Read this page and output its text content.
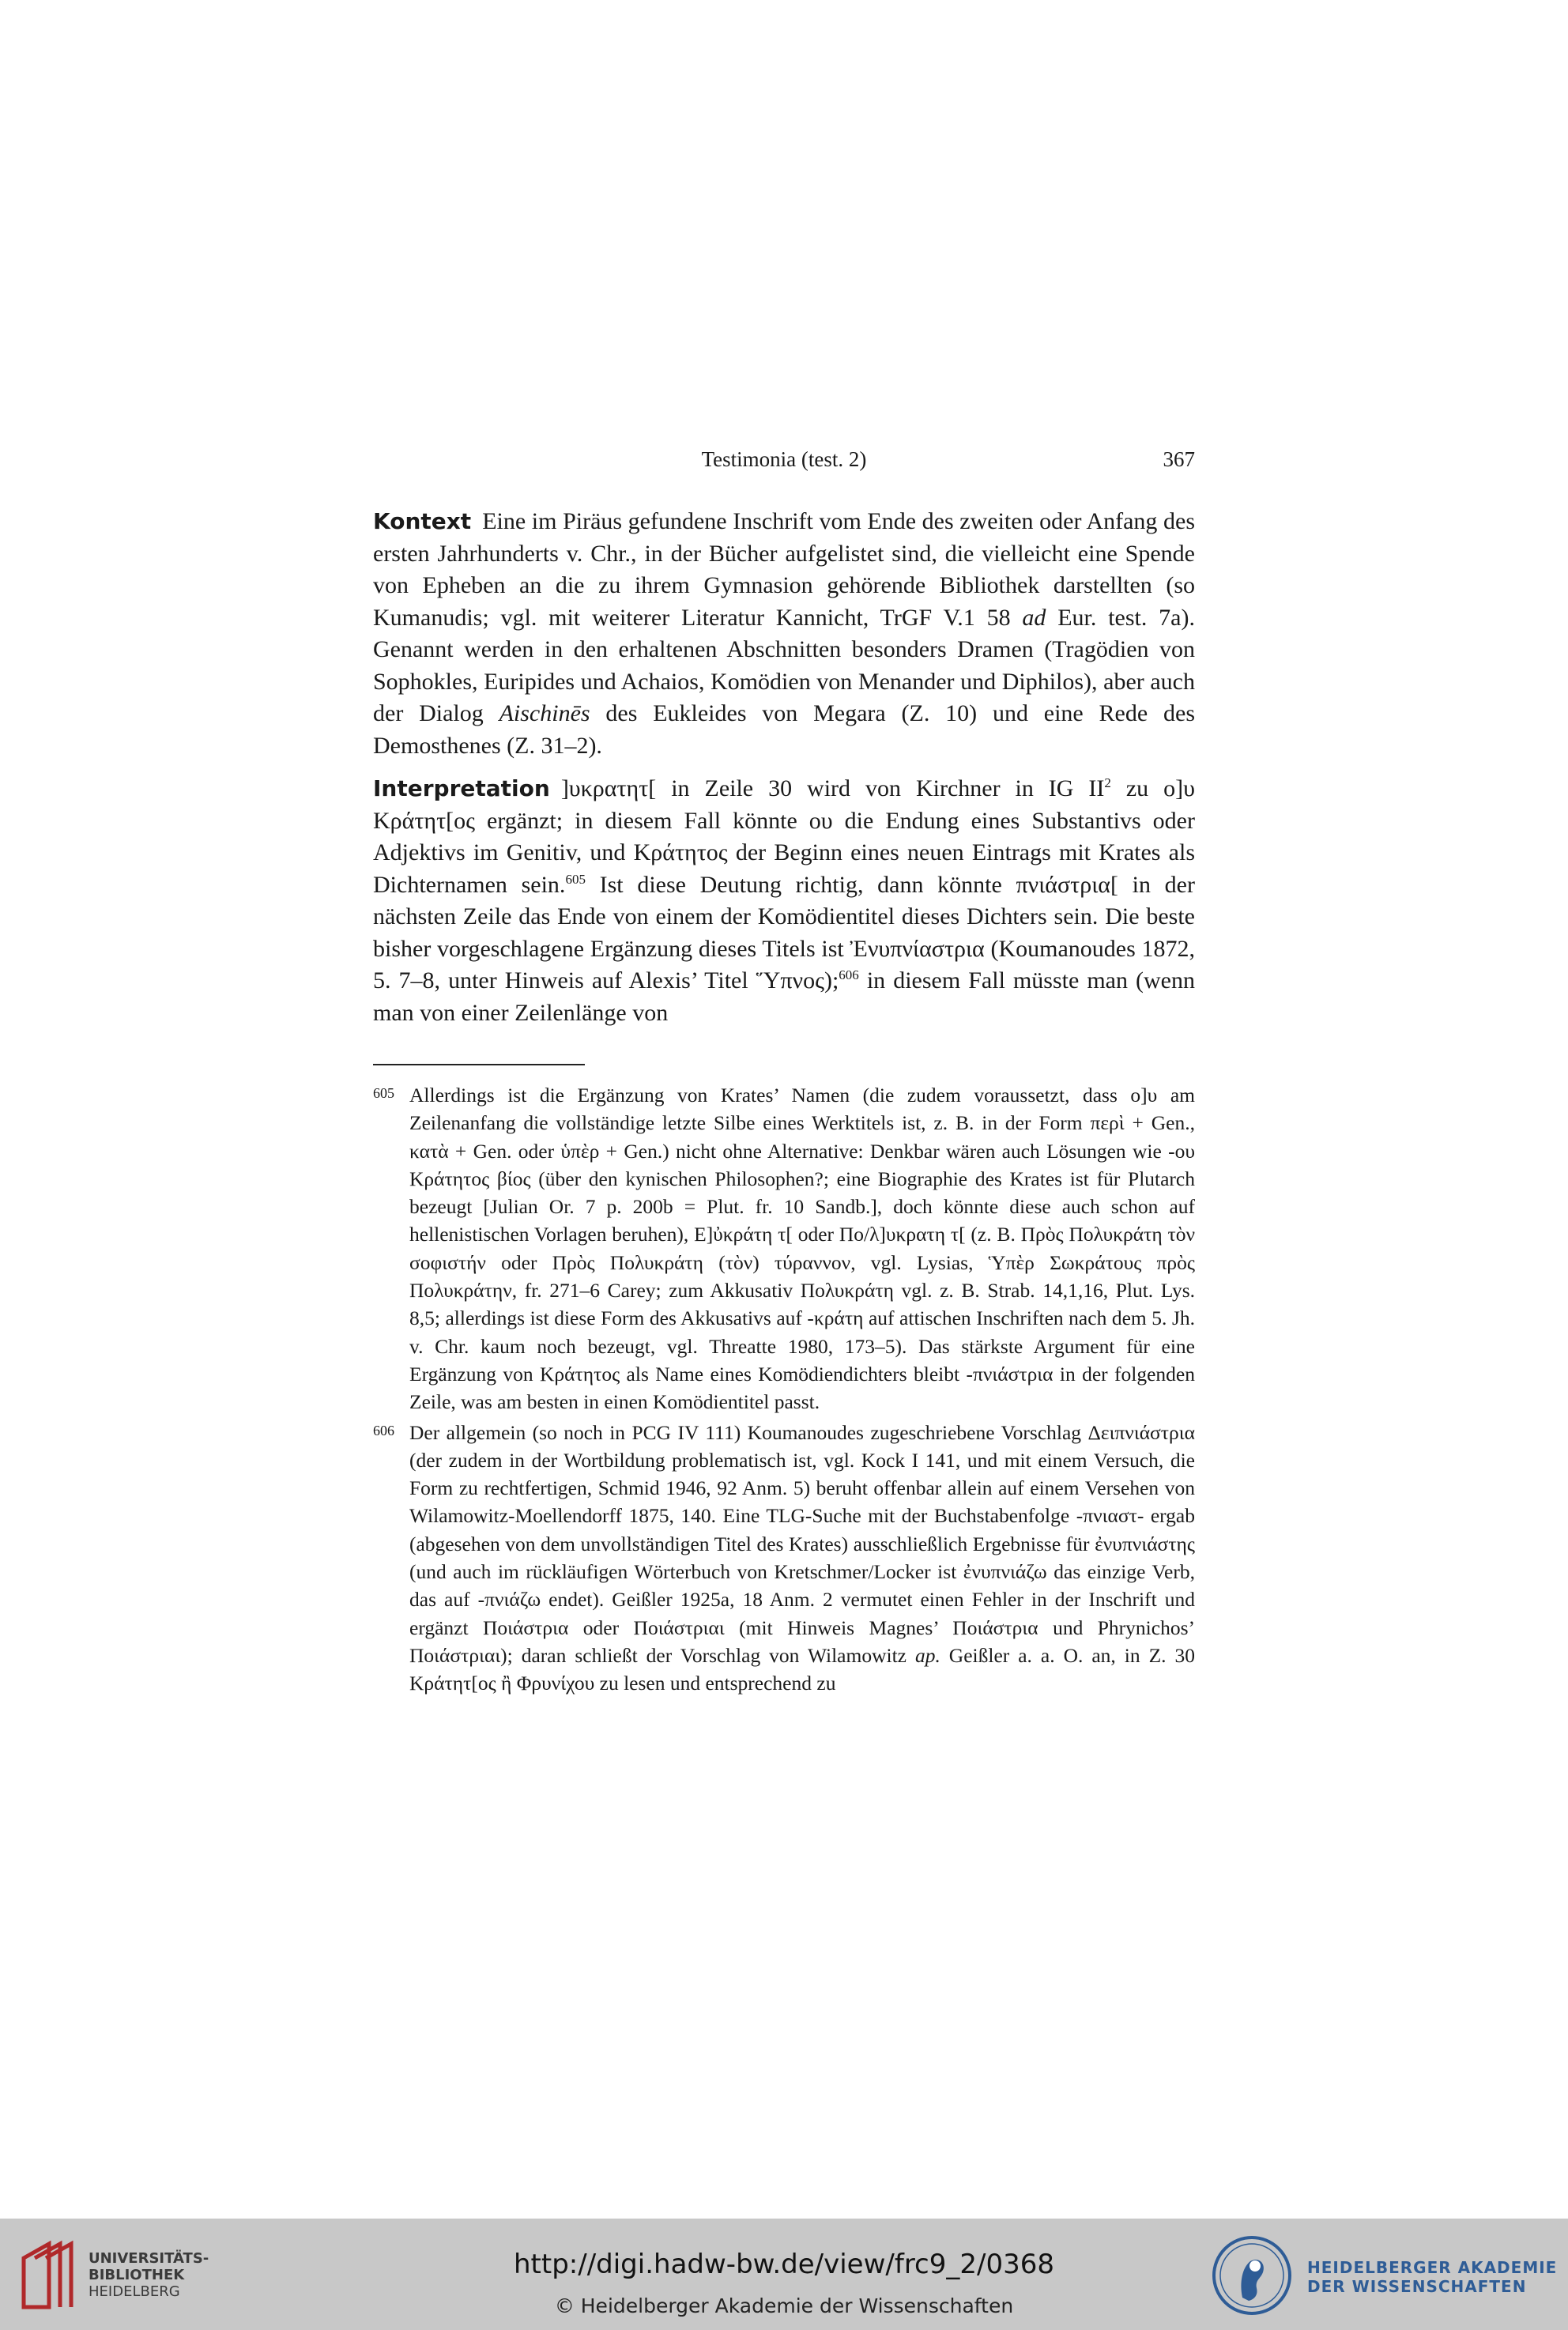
Testimonia (test. 2)	367

Kontext Eine im Piräus gefundene Inschrift vom Ende des zweiten oder Anfang des ersten Jahrhunderts v. Chr., in der Bücher aufgelistet sind, die vielleicht eine Spende von Epheben an die zu ihrem Gymnasion gehörende Bibliothek darstellten (so Kumanudis; vgl. mit weiterer Literatur Kannicht, TrGF V.1 58 ad Eur. test. 7a). Genannt werden in den erhaltenen Abschnitten besonders Dramen (Tragödien von Sophokles, Euripides und Achaios, Komödien von Menander und Diphilos), aber auch der Dialog Aischinēs des Eukleides von Megara (Z. 10) und eine Rede des Demosthenes (Z. 31–2).

Interpretation ]υκρατητ[ in Zeile 30 wird von Kirchner in IG $II^2$ zu ο]υ Κράτητ[ος ergänzt; in diesem Fall könnte ου die Endung eines Substantivs oder Adjektivs im Genitiv, und Κράτητος der Beginn eines neuen Eintrags mit Krates als Dichternamen sein.$^{605}$ Ist diese Deutung richtig, dann könnte πνιάστρια[ in der nächsten Zeile das Ende von einem der Komödientitel dieses Dichters sein. Die beste bisher vorgeschlagene Ergänzung dieses Titels ist Ἐνυπνίαστρια (Koumanoudes 1872, 5. 7–8, unter Hinweis auf Alexis’ Titel Ὕπνος);$^{606}$ in diesem Fall müsste man (wenn man von einer Zeilenlänge von

605 Allerdings ist die Ergänzung von Krates’ Namen (die zudem voraussetzt, dass ο]υ am Zeilenanfang die vollständige letzte Silbe eines Werktitels ist, z. B. in der Form περὶ + Gen., κατὰ + Gen. oder ὑπὲρ + Gen.) nicht ohne Alternative: Denkbar wären auch Lösungen wie -ου Κράτητος βίος (über den kynischen Philosophen?; eine Biographie des Krates ist für Plutarch bezeugt [Julian Or. 7 p. 200b = Plut. fr. 10 Sandb.], doch könnte diese auch schon auf hellenistischen Vorlagen beruhen), Ε]ὐκράτη τ[ oder Πο/λ]υκρατη τ[ (z. B. Πρὸς Πολυκράτη τὸν σοφιστήν oder Πρὸς Πολυκράτη (τὸν) τύραννον, vgl. Lysias, Ὑπὲρ Σωκράτους πρὸς Πολυκράτην, fr. 271–6 Carey; zum Akkusativ Πολυκράτη vgl. z. B. Strab. 14,1,16, Plut. Lys. 8,5; allerdings ist diese Form des Akkusativs auf -κράτη auf attischen Inschriften nach dem 5. Jh. v. Chr. kaum noch bezeugt, vgl. Threatte 1980, 173–5). Das stärkste Argument für eine Ergänzung von Κράτητος als Name eines Komödiendichters bleibt -πνιάστρια in der folgenden Zeile, was am besten in einen Komödientitel passt.
606 Der allgemein (so noch in PCG IV 111) Koumanoudes zugeschriebene Vorschlag Δειπνιάστρια (der zudem in der Wortbildung problematisch ist, vgl. Kock I 141, und mit einem Versuch, die Form zu rechtfertigen, Schmid 1946, 92 Anm. 5) beruht offenbar allein auf einem Versehen von Wilamowitz-Moellendorff 1875, 140. Eine TLG-Suche mit der Buchstabenfolge -πνιαστ- ergab (abgesehen von dem unvollständigen Titel des Krates) ausschließlich Ergebnisse für ἐνυπνιάστης (und auch im rückläufigen Wörterbuch von Kretschmer/Locker ist ἐνυπνιάζω das einzige Verb, das auf -πνιάζω endet). Geißler 1925a, 18 Anm. 2 vermutet einen Fehler in der Inschrift und ergänzt Ποιάστρια oder Ποιάστριαι (mit Hinweis Magnes’ Ποιάστρια und Phrynichos’ Ποιάστριαι); daran schließt der Vorschlag von Wilamowitz ap. Geißler a. a. O. an, in Z. 30 Κράτητ[ος ἢ Φρυνίχου zu lesen und entsprechend zu
UNIVERSITÄTS-
BIBLIOTHEK
HEIDELBERG
http://digi.hadw-bw.de/view/frc9_2/0368
© Heidelberger Akademie der Wissenschaften
HEIDELBERGER AKADEMIE
DER WISSENSCHAFTEN
